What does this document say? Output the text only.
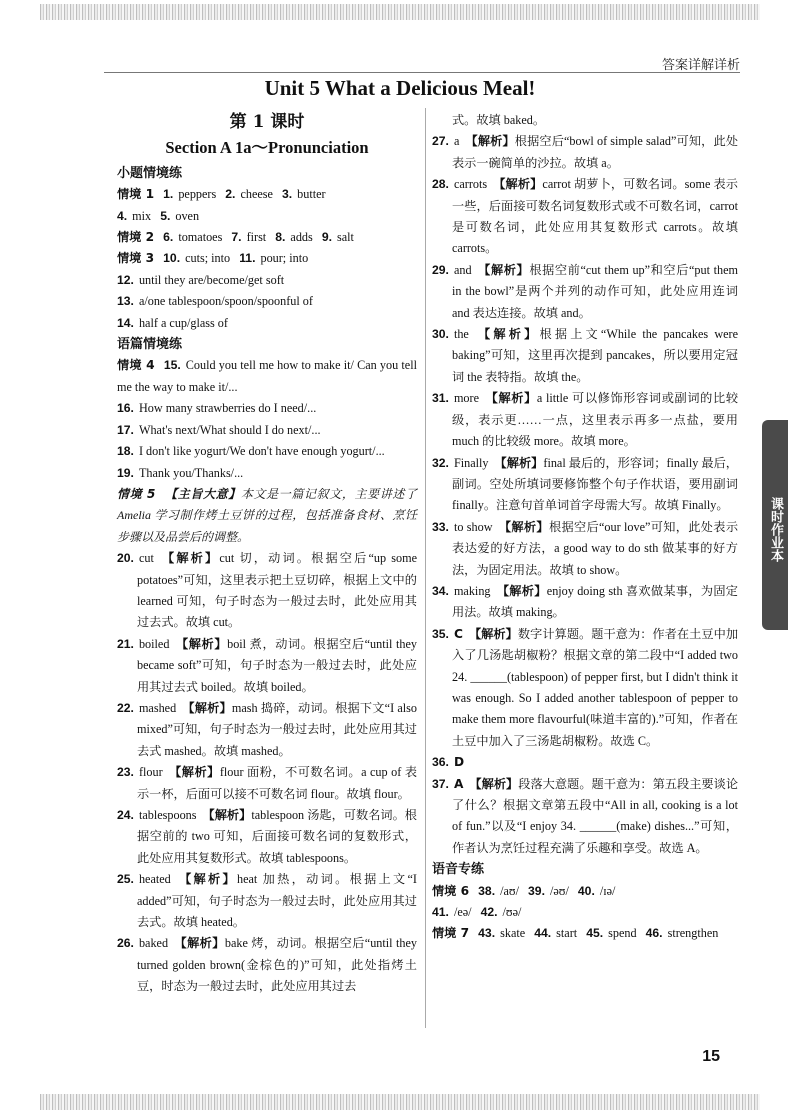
答案详解详析
Unit 5 What a Delicious Meal!

第 1 课时

Section A 1a～Pronunciation

小题情境练

情境 1 1. peppers 2. cheese 3. butter

4. mix 5. oven

情境 2 6. tomatoes 7. first 8. adds 9. salt

情境 3 10. cuts; into 11. pour; into

12. until they are/become/get soft

13. a/one tablespoon/spoon/spoonful of

14. half a cup/glass of

语篇情境练

情境 4 15. Could you tell me how to make it/ Can you tell me the way to make it/...

16. How many strawberries do I need/...

17. What's next/What should I do next/...

18. I don't like yogurt/We don't have enough yogurt/...

19. Thank you/Thanks/...

情境 5 【主旨大意】本文是一篇记叙文，主要讲述了 Amelia 学习制作烤土豆饼的过程，包括准备食材、烹饪步骤以及品尝后的调整。

20. cut 【解析】cut 切，动词。根据空后“up some potatoes”可知，这里表示把土豆切碎，根据上文中的 learned 可知，句子时态为一般过去时，此处应用其过去式。故填 cut。

21. boiled 【解析】boil 煮，动词。根据空后“until they became soft”可知，句子时态为一般过去时，此处应用其过去式 boiled。故填 boiled。

22. mashed 【解析】mash 捣碎，动词。根据下文“I also mixed”可知，句子时态为一般过去时，此处应用其过去式 mashed。故填 mashed。

23. flour 【解析】flour 面粉，不可数名词。a cup of 表示一杯，后面可以接不可数名词 flour。故填 flour。

24. tablespoons 【解析】tablespoon 汤匙，可数名词。根据空前的 two 可知，后面接可数名词的复数形式，此处应用其复数形式。故填 tablespoons。

25. heated 【解析】heat 加热，动词。根据上文“I added”可知，句子时态为一般过去时，此处应用其过去式。故填 heated。

26. baked 【解析】bake 烤，动词。根据空后“until they turned golden brown(金棕色的)”可知，此处指烤土豆，时态为一般过去时，此处应用其过去

式。故填 baked。

27. a 【解析】根据空后“bowl of simple salad”可知，此处表示一碗简单的沙拉。故填 a。

28. carrots 【解析】carrot 胡萝卜，可数名词。some 表示一些，后面接可数名词复数形式或不可数名词，carrot 是可数名词，此处应用其复数形式 carrots。故填 carrots。

29. and 【解析】根据空前“cut them up”和空后“put them in the bowl”是两个并列的动作可知，此处应用连词 and 表达连接。故填 and。

30. the 【解析】根据上文“While the pancakes were baking”可知，这里再次提到 pancakes，所以要用定冠词 the 表特指。故填 the。

31. more 【解析】a little 可以修饰形容词或副词的比较级，表示更……一点，这里表示再多一点盐，要用 much 的比较级 more。故填 more。

32. Finally 【解析】final 最后的，形容词；finally 最后，副词。空处所填词要修饰整个句子作状语，要用副词 finally。注意句首单词首字母需大写。故填 Finally。

33. to show 【解析】根据空后“our love”可知，此处表示表达爱的好方法，a good way to do sth 做某事的好方法，为固定用法。故填 to show。

34. making 【解析】enjoy doing sth 喜欢做某事，为固定用法。故填 making。

35. C 【解析】数字计算题。题干意为：作者在土豆中加入了几汤匙胡椒粉？根据文章的第二段中“I added two 24. ______(tablespoon) of pepper first, but I didn't think it was enough. So I added another tablespoon of pepper to make them more flavourful(味道丰富的).”可知，作者在土豆中加入了三汤匙胡椒粉。故选 C。

36. D

37. A 【解析】段落大意题。题干意为：第五段主要谈论了什么？根据文章第五段中“All in all, cooking is a lot of fun.”以及“I enjoy 34. ______(make) dishes...”可知，作者认为烹饪过程充满了乐趣和享受。故选 A。

语音专练

情境 6 38. /aʊ/ 39. /əʊ/ 40. /ɪə/

41. /eə/ 42. /ʊə/

情境 7 43. skate 44. start 45. spend 46. strengthen

课时作业本
Unit 5
15
